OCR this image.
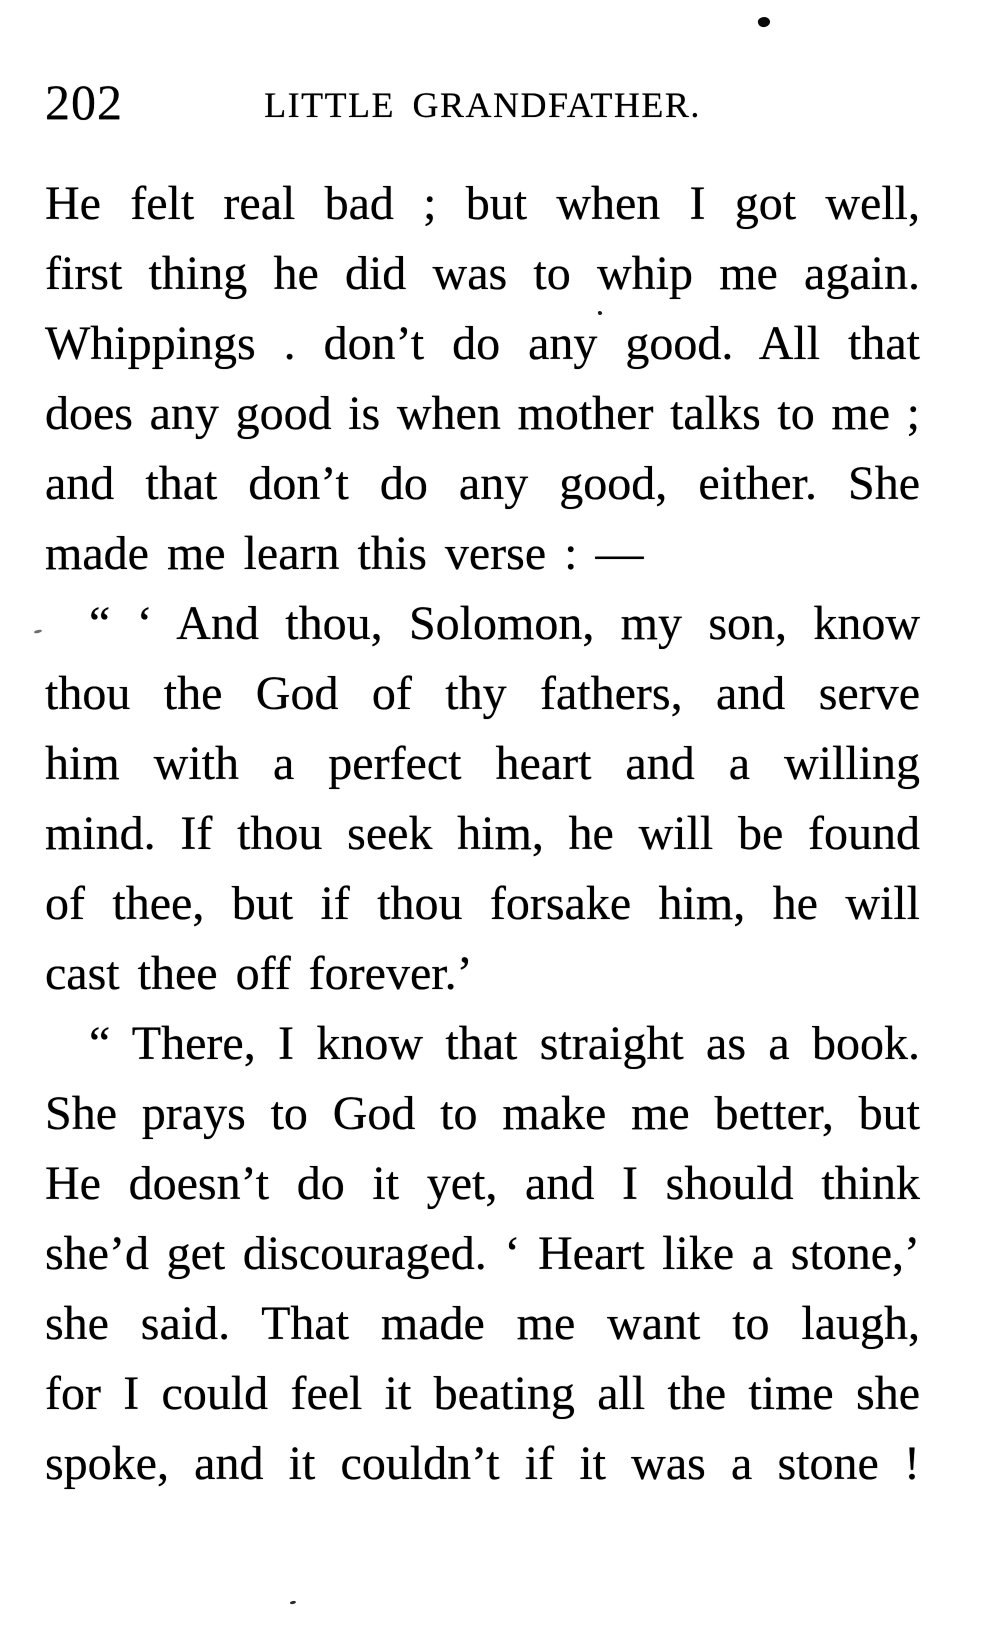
202	LITTLE GRANDFATHER.
He felt real bad ; but when I got well,
first thing he did was to whip me again.
Whippings . don’t do any good. All that
does any good is when mother talks to me ;
and that don’t do any good, either. She
made me learn this verse : —
“ ‘ And thou, Solomon, my son, know
thou the God of thy fathers, and serve
him with a perfect heart and a willing
mind. If thou seek him, he will be found
of thee, but if thou forsake him, he will
cast thee off forever.’
“ There, I know that straight as a book.
She prays to God to make me better, but
He doesn’t do it yet, and I should think
she’d get discouraged. ‘ Heart like a stone,’
she said. That made me want to laugh,
for I could feel it beating all the time she
spoke, and it couldn’t if it was a stone !
